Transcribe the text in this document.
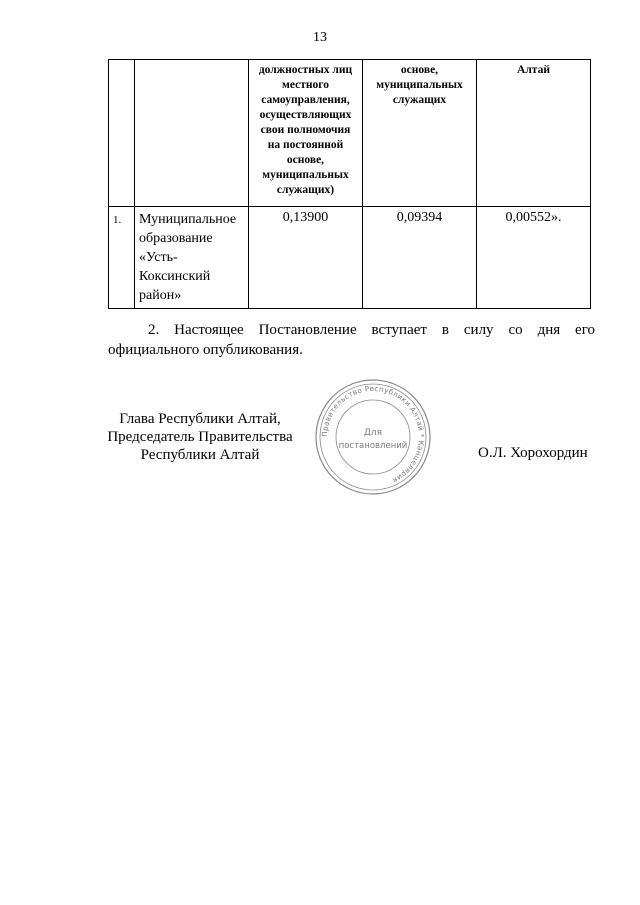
13

		должностных лиц местного самоуправления, осуществляющих свои полномочия на постоянной основе, муниципальных служащих)	основе, муниципальных служащих	Алтай

1.	Муниципальное образование «Усть-Коксинский район»	0,13900	0,09394	0,00552».
2. Настоящее Постановление вступает в силу со дня его официального опубликования.
Глава Республики Алтай,
Председатель Правительства
Республики Алтай
Правительство Республики Алтай * Канцелярия
Для
постановлений	О.Л. Хорохордин
